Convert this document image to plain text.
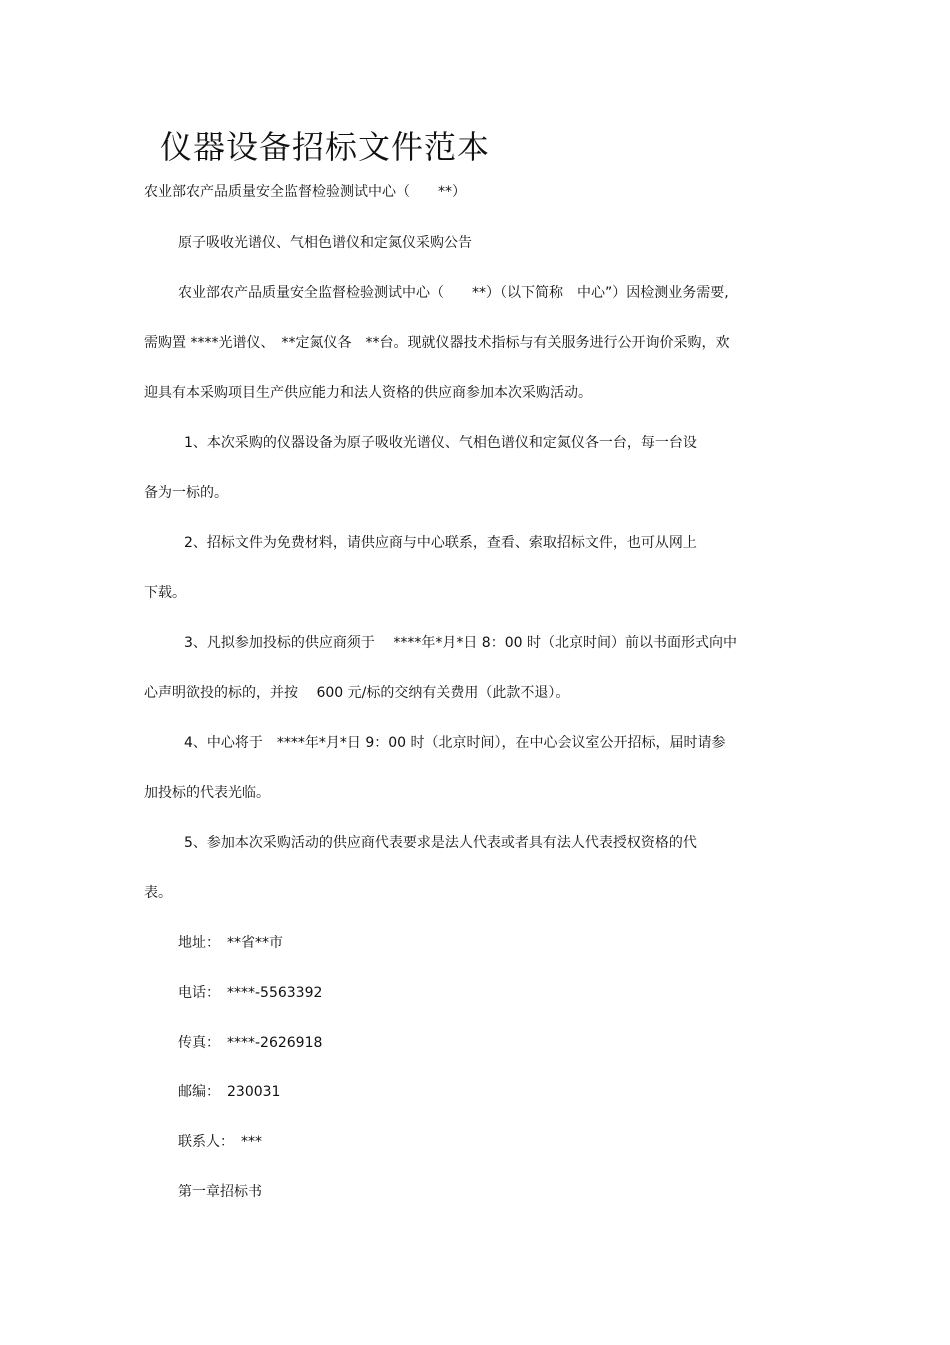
仪器设备招标文件范本
农业部农产品质量安全监督检验测试中心（　　**）
原子吸收光谱仪、气相色谱仪和定氮仪采购公告
农业部农产品质量安全监督检验测试中心（　　**）（以下简称　中心”）因检测业务需要,
需购置 ****光谱仪、　**定氮仪各　**台。现就仪器技术指标与有关服务进行公开询价采购，欢
迎具有本采购项目生产供应能力和法人资格的供应商参加本次采购活动。
1、本次采购的仪器设备为原子吸收光谱仪、气相色谱仪和定氮仪各一台，每一台设
备为一标的。
2、招标文件为免费材料，请供应商与中心联系，查看、索取招标文件，也可从网上
下载。
3、凡拟参加投标的供应商须于　 ****年*月*日 8：00 时（北京时间）前以书面形式向中
心声明欲投的标的，并按　 600 元/标的交纳有关费用（此款不退）。
4、中心将于　****年*月*日 9：00 时（北京时间），在中心会议室公开招标，届时请参
加投标的代表光临。
5、参加本次采购活动的供应商代表要求是法人代表或者具有法人代表授权资格的代
表。
地址：　**省**市
电话：　****-5563392
传真：　****-2626918
邮编：　230031
联系人：　***
第一章招标书
